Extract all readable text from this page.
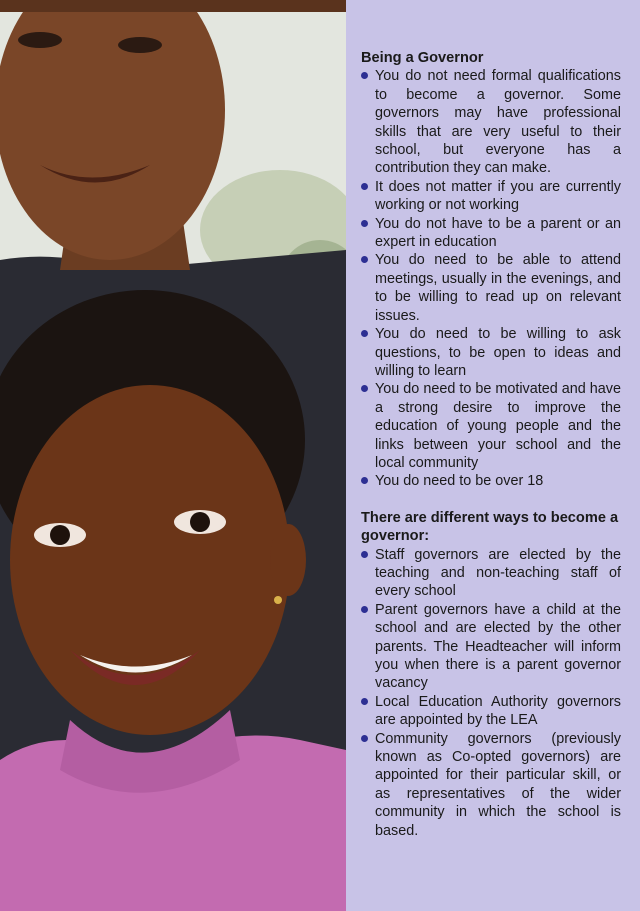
Being a Governor
You do not need formal qualifications to become a governor. Some governors may have professional skills that are very useful to their school, but everyone has a contribution they can make.
It does not matter if you are currently working or not working
You do not have to be a parent or an expert in education
You do need to be able to attend meetings, usually in the evenings, and to be willing to read up on relevant issues.
You do need to be willing to ask questions, to be open to ideas and willing to learn
You do need to be motivated and have a strong desire to improve the education of young people and the links between your school and the local community
You do need to be over 18
There are different ways to become a governor:
Staff governors are elected by the teaching and non-teaching staff of every school
Parent governors have a child at the school and are elected by the other parents. The Headteacher will inform you when there is a parent governor vacancy
Local Education Authority governors are appointed by the LEA
Community governors (previously known as Co-opted governors) are appointed for their particular skill, or as representatives of the wider community in which the school is based.
